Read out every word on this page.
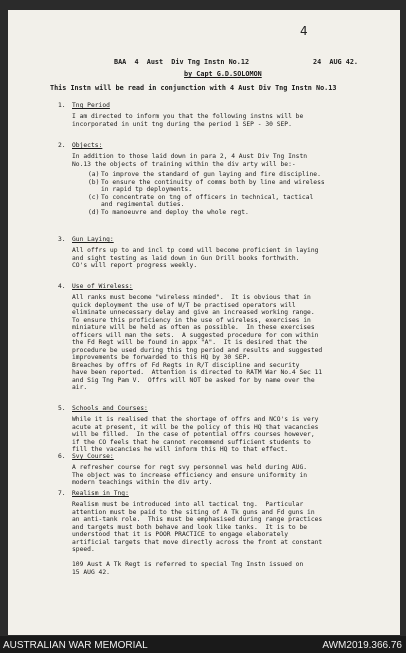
4
BAA  4  Aust  Div Tng Instn No.12	24  AUG 42.
by Capt G.D.SOLOMON
This Instn will be read in conjunction with 4 Aust Div Tng Instn No.13
1. Tng Period
I am directed to inform you that the following instns will be
incorporated in unit tng during the period 1 SEP - 30 SEP.
2. Objects:
In addition to those laid down in para 2, 4 Aust Div Tng Instn
No.13 the objects of training within the div arty will be:-
(a) To improve the standard of gun laying and fire discipline.
(b) To ensure the continuity of comms both by line and wireless
in rapid tp deployments.
(c) To concentrate on tng of officers in technical, tactical
and regimental duties.
(d) To manoeuvre and deploy the whole regt.
3. Gun Laying:
All offrs up to and incl tp comd will become proficient in laying
and sight testing as laid down in Gun Drill books forthwith.
CO's will report progress weekly.
4. Use of Wireless:
All ranks must become "wireless minded".  It is obvious that in
quick deployment the use of W/T be practised operators will
eliminate unnecessary delay and give an increased working range.
To ensure this proficiency in the use of wireless, exercises in
miniature will be held as often as possible.  In these exercises
officers will man the sets.  A suggested procedure for com within
the Fd Regt will be found in appx "A".  It is desired that the
procedure be used during this tng period and results and suggested
improvements be forwarded to this HQ by 30 SEP.
Breaches by offrs of Fd Regts in R/T discipline and security
have been reported.  Attention is directed to RATM War No.4 Sec 11
and Sig Tng Pam V.  Offrs will NOT be asked for by name over the
air.
5. Schools and Courses:
While it is realised that the shortage of offrs and NCO's is very
acute at present, it will be the policy of this HQ that vacancies
will be filled.  In the case of potential offrs courses however,
if the CO feels that he cannot recommend sufficient students to
fill the vacancies he will inform this HQ to that effect.
6. Svy Course:
A refresher course for regt svy personnel was held during AUG.
The object was to increase efficiency and ensure uniformity in
modern teachings within the div arty.
7. Realism in Tng:
Realism must be introduced into all tactical tng.  Particular
attention must be paid to the siting of A Tk guns and Fd guns in
an anti-tank role.  This must be emphasised during range practices
and targets must both behave and look like tanks.  It is to be
understood that it is POOR PRACTICE to engage elaborately
artificial targets that move directly across the front at constant
speed.
109 Aust A Tk Regt is referred to special Tng Instn issued on
15 AUG 42.
AUSTRALIAN WAR MEMORIAL	AWM2019.366.76
